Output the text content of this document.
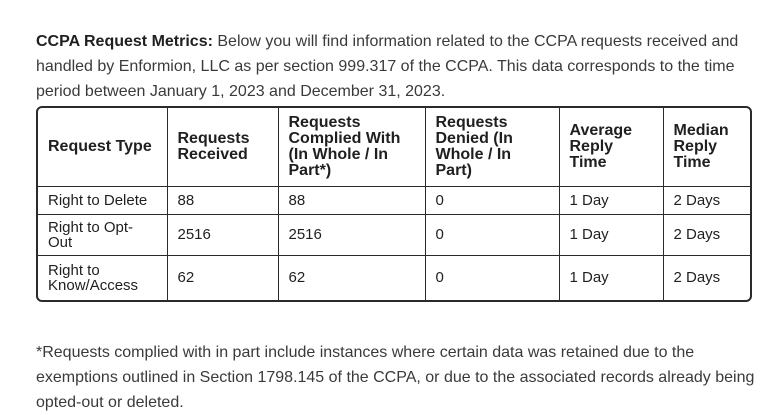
CCPA Request Metrics: Below you will find information related to the CCPA requests received and handled by Enformion, LLC as per section 999.317 of the CCPA. This data corresponds to the time period between January 1, 2023 and December 31, 2023.

Request Type	Requests Received	Requests Complied With (In Whole / In Part*)	Requests Denied (In Whole / In Part)	Average Reply Time	Median Reply Time
Right to Delete	88	88	0	1 Day	2 Days
Right to Opt-Out	2516	2516	0	1 Day	2 Days
Right to Know/Access	62	62	0	1 Day	2 Days

*Requests complied with in part include instances where certain data was retained due to the exemptions outlined in Section 1798.145 of the CCPA, or due to the associated records already being opted-out or deleted.
